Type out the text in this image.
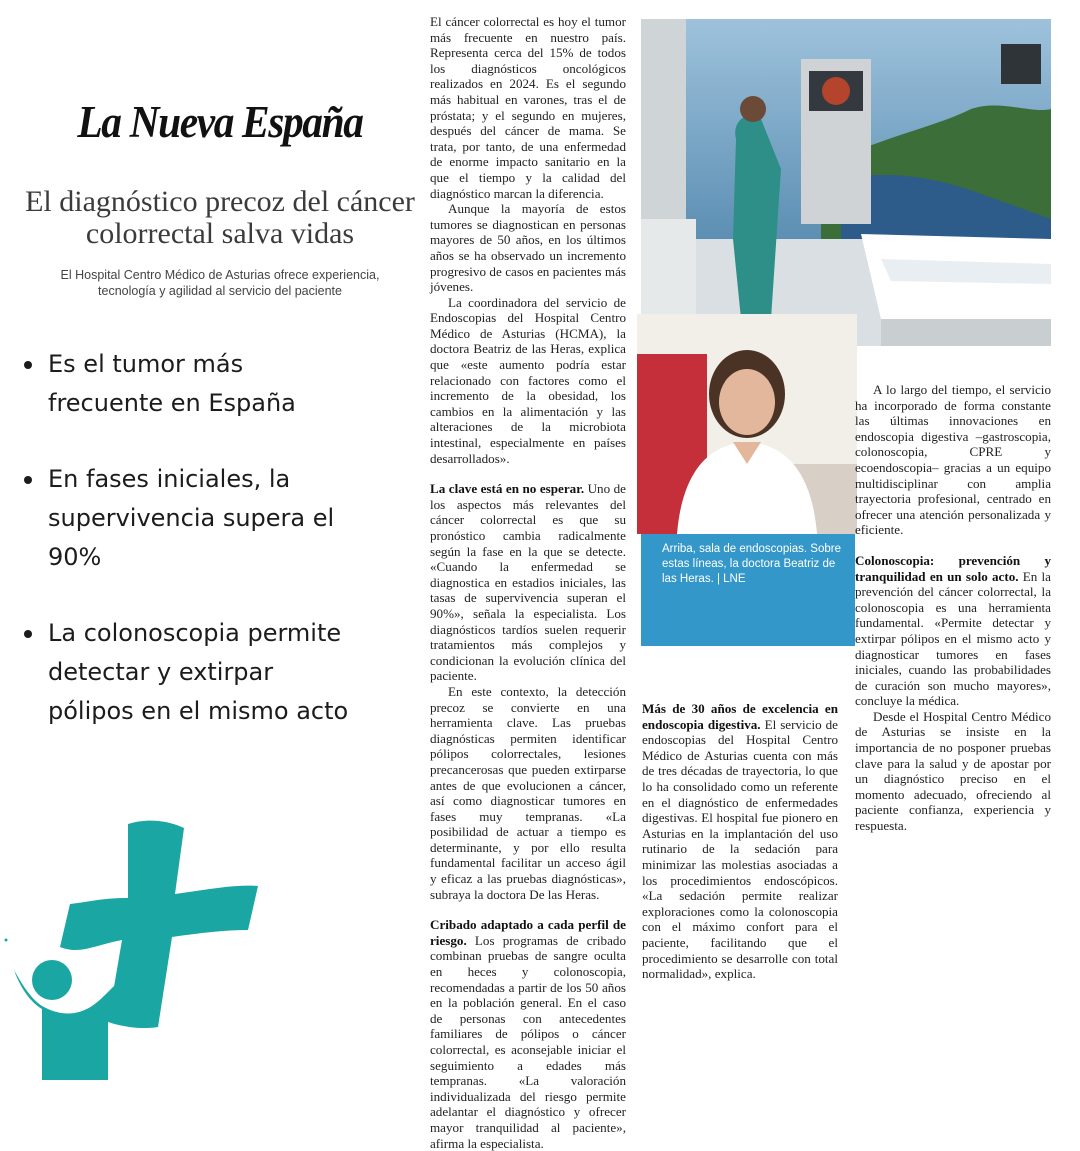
La Nueva España
El diagnóstico precoz del cáncer colorrectal salva vidas
El Hospital Centro Médico de Asturias ofrece experiencia, tecnología y agilidad al servicio del paciente
Es el tumor más frecuente en España
En fases iniciales, la supervivencia supera el 90%
La colonoscopia permite detectar y extirpar pólipos en el mismo acto
Arriba, sala de endoscopias. Sobre estas líneas, la doctora Beatriz de las Heras. | LNE

El cáncer colorrectal es hoy el tumor más frecuente en nuestro país. Representa cerca del 15% de todos los diagnósticos oncológicos realizados en 2024. Es el segundo más habitual en varones, tras el de próstata; y el segundo en mujeres, después del cáncer de mama. Se trata, por tanto, de una enfermedad de enorme impacto sanitario en la que el tiempo y la calidad del diagnóstico marcan la diferencia.

Aunque la mayoría de estos tumores se diagnostican en personas mayores de 50 años, en los últimos años se ha observado un incremento progresivo de casos en pacientes más jóvenes.

La coordinadora del servicio de Endoscopias del Hospital Centro Médico de Asturias (HCMA), la doctora Beatriz de las Heras, explica que «este aumento podría estar relacionado con factores como el incremento de la obesidad, los cambios en la alimentación y las alteraciones de la microbiota intestinal, especialmente en países desarrollados».

La clave está en no esperar. Uno de los aspectos más relevantes del cáncer colorrectal es que su pronóstico cambia radicalmente según la fase en la que se detecte. «Cuando la enfermedad se diagnostica en estadios iniciales, las tasas de supervivencia superan el 90%», señala la especialista. Los diagnósticos tardíos suelen requerir tratamientos más complejos y condicionan la evolución clínica del paciente.

En este contexto, la detección precoz se convierte en una herramienta clave. Las pruebas diagnósticas permiten identificar pólipos colorrectales, lesiones precancerosas que pueden extirparse antes de que evolucionen a cáncer, así como diagnosticar tumores en fases muy tempranas. «La posibilidad de actuar a tiempo es determinante, y por ello resulta fundamental facilitar un acceso ágil y eficaz a las pruebas diagnósticas», subraya la doctora De las Heras.

Cribado adaptado a cada perfil de riesgo. Los programas de cribado combinan pruebas de sangre oculta en heces y colonoscopia, recomendadas a partir de los 50 años en la población general. En el caso de personas con antecedentes familiares de pólipos o cáncer colorrectal, es aconsejable iniciar el seguimiento a edades más tempranas. «La valoración individualizada del riesgo permite adelantar el diagnóstico y ofrecer mayor tranquilidad al paciente», afirma la especialista.

Más de 30 años de excelencia en endoscopia digestiva. El servicio de endoscopias del Hospital Centro Médico de Asturias cuenta con más de tres décadas de trayectoria, lo que lo ha consolidado como un referente en el diagnóstico de enfermedades digestivas. El hospital fue pionero en Asturias en la implantación del uso rutinario de la sedación para minimizar las molestias asociadas a los procedimientos endoscópicos. «La sedación permite realizar exploraciones como la colonoscopia con el máximo confort para el paciente, facilitando que el procedimiento se desarrolle con total normalidad», explica.

A lo largo del tiempo, el servicio ha incorporado de forma constante las últimas innovaciones en endoscopia digestiva –gastroscopia, colonoscopia, CPRE y ecoendoscopia– gracias a un equipo multidisciplinar con amplia trayectoria profesional, centrado en ofrecer una atención personalizada y eficiente.

Colonoscopia: prevención y tranquilidad en un solo acto. En la prevención del cáncer colorrectal, la colonoscopia es una herramienta fundamental. «Permite detectar y extirpar pólipos en el mismo acto y diagnosticar tumores en fases iniciales, cuando las probabilidades de curación son mucho mayores», concluye la médica.

Desde el Hospital Centro Médico de Asturias se insiste en la importancia de no posponer pruebas clave para la salud y de apostar por un diagnóstico preciso en el momento adecuado, ofreciendo al paciente confianza, experiencia y respuesta.
